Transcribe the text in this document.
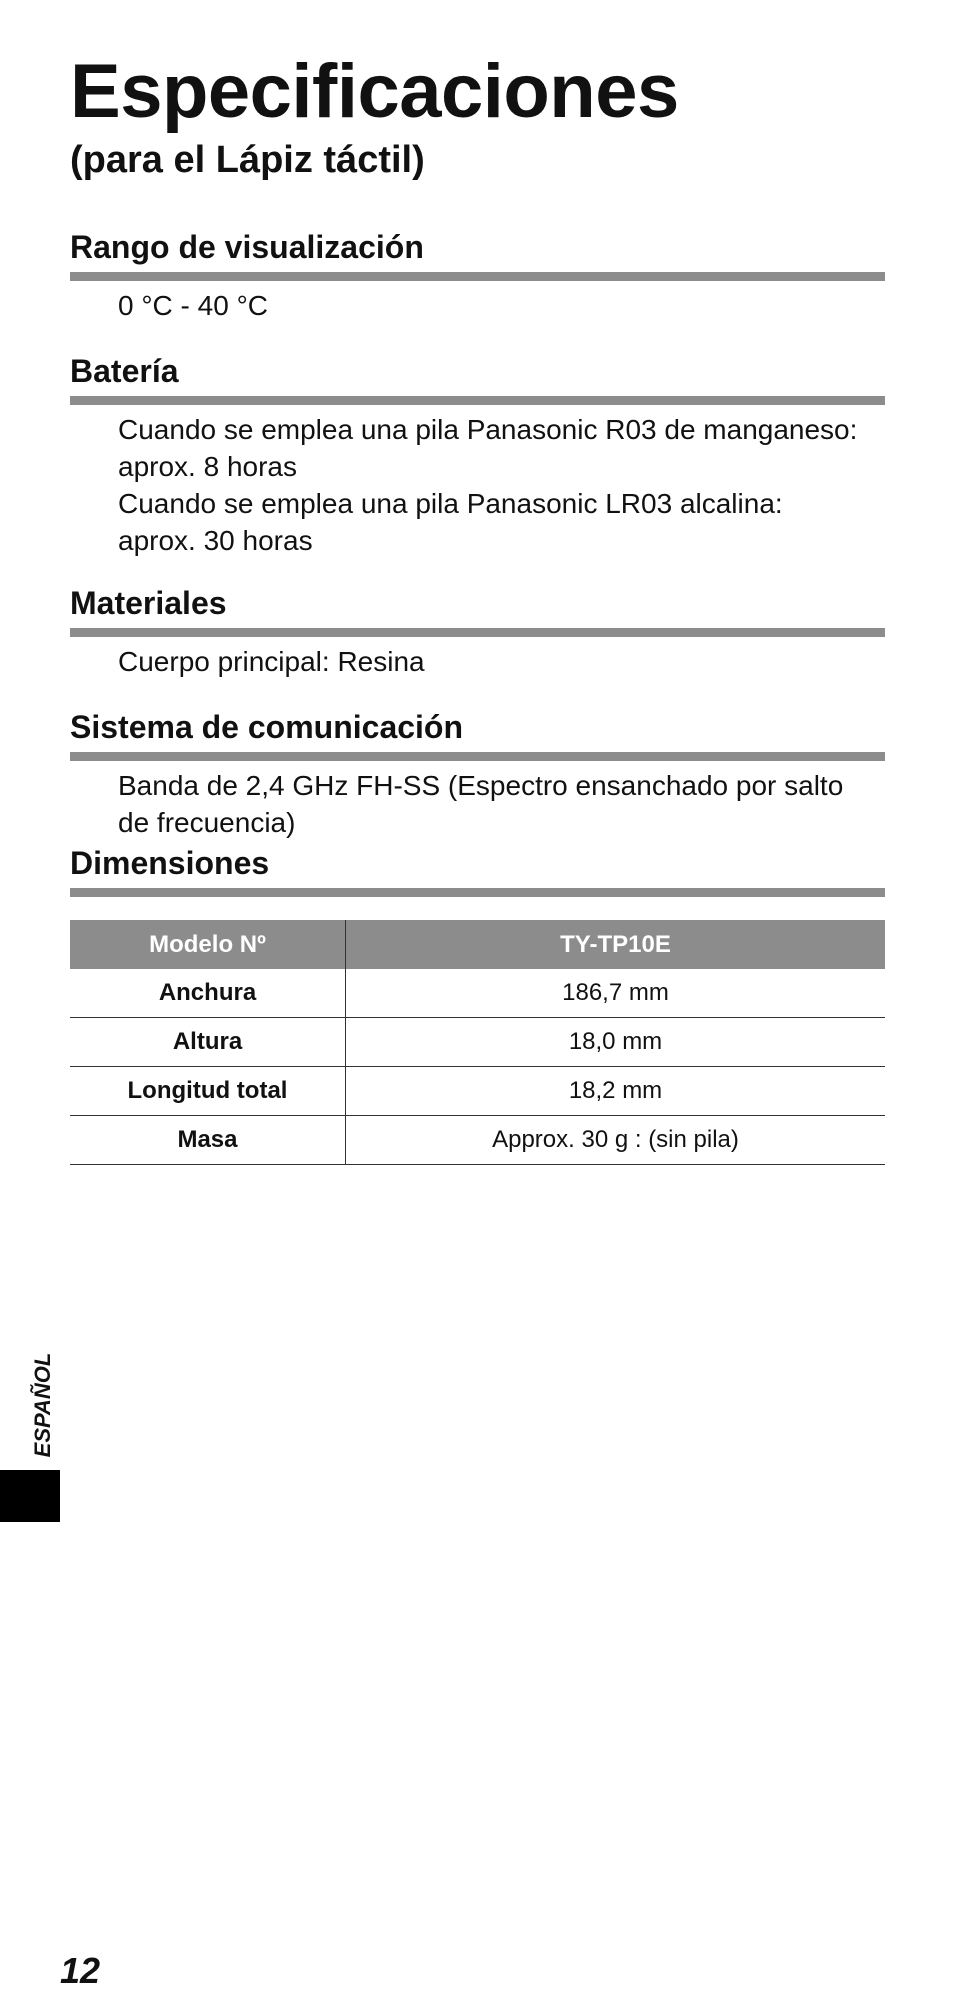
Especificaciones
(para el Lápiz táctil)
Rango de visualización

0 °C - 40 °C

Batería

Cuando se emplea una pila Panasonic R03 de manganeso:

aprox. 8 horas

Cuando se emplea una pila Panasonic LR03 alcalina:

aprox. 30 horas

Materiales

Cuerpo principal: Resina

Sistema de comunicación

Banda de 2,4 GHz FH-SS (Espectro ensanchado por salto

de frecuencia)

Dimensiones
Modelo Nº	TY-TP10E
Anchura	186,7 mm
Altura	18,0 mm
Longitud total	18,2 mm
Masa	Approx. 30 g : (sin pila)
ESPAÑOL
12
